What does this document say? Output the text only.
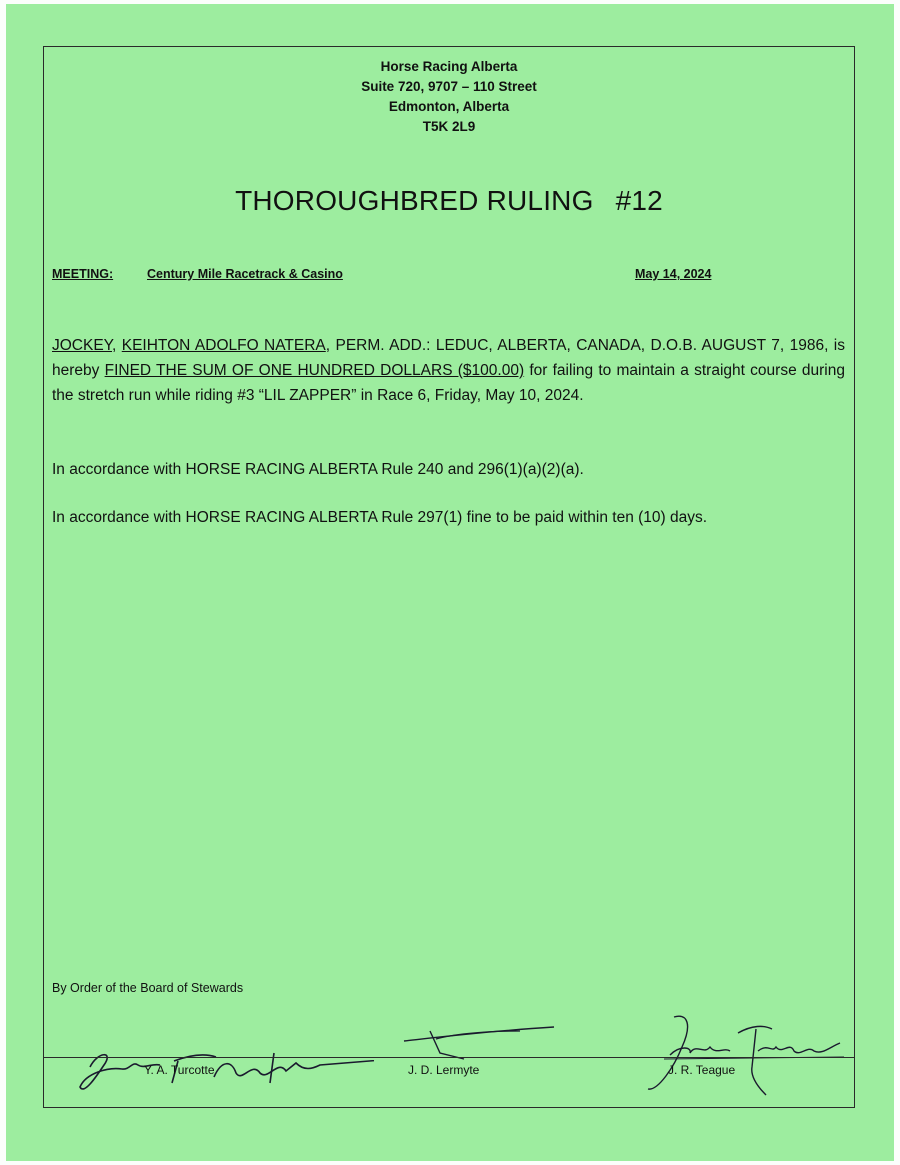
Horse Racing Alberta
Suite 720, 9707 – 110 Street
Edmonton, Alberta
T5K 2L9
THOROUGHBRED RULING #12
MEETING:	Century Mile Racetrack & Casino	May 14, 2024
JOCKEY, KEIHTON ADOLFO NATERA, PERM. ADD.: LEDUC, ALBERTA, CANADA, D.O.B. AUGUST 7, 1986, is hereby FINED THE SUM OF ONE HUNDRED DOLLARS ($100.00) for failing to maintain a straight course during the stretch run while riding #3 “LIL ZAPPER” in Race 6, Friday, May 10, 2024.
In accordance with HORSE RACING ALBERTA Rule 240 and 296(1)(a)(2)(a).
In accordance with HORSE RACING ALBERTA Rule 297(1) fine to be paid within ten (10) days.
By Order of the Board of Stewards
Y. A. Turcotte	J. D. Lermyte	J. R. Teague
